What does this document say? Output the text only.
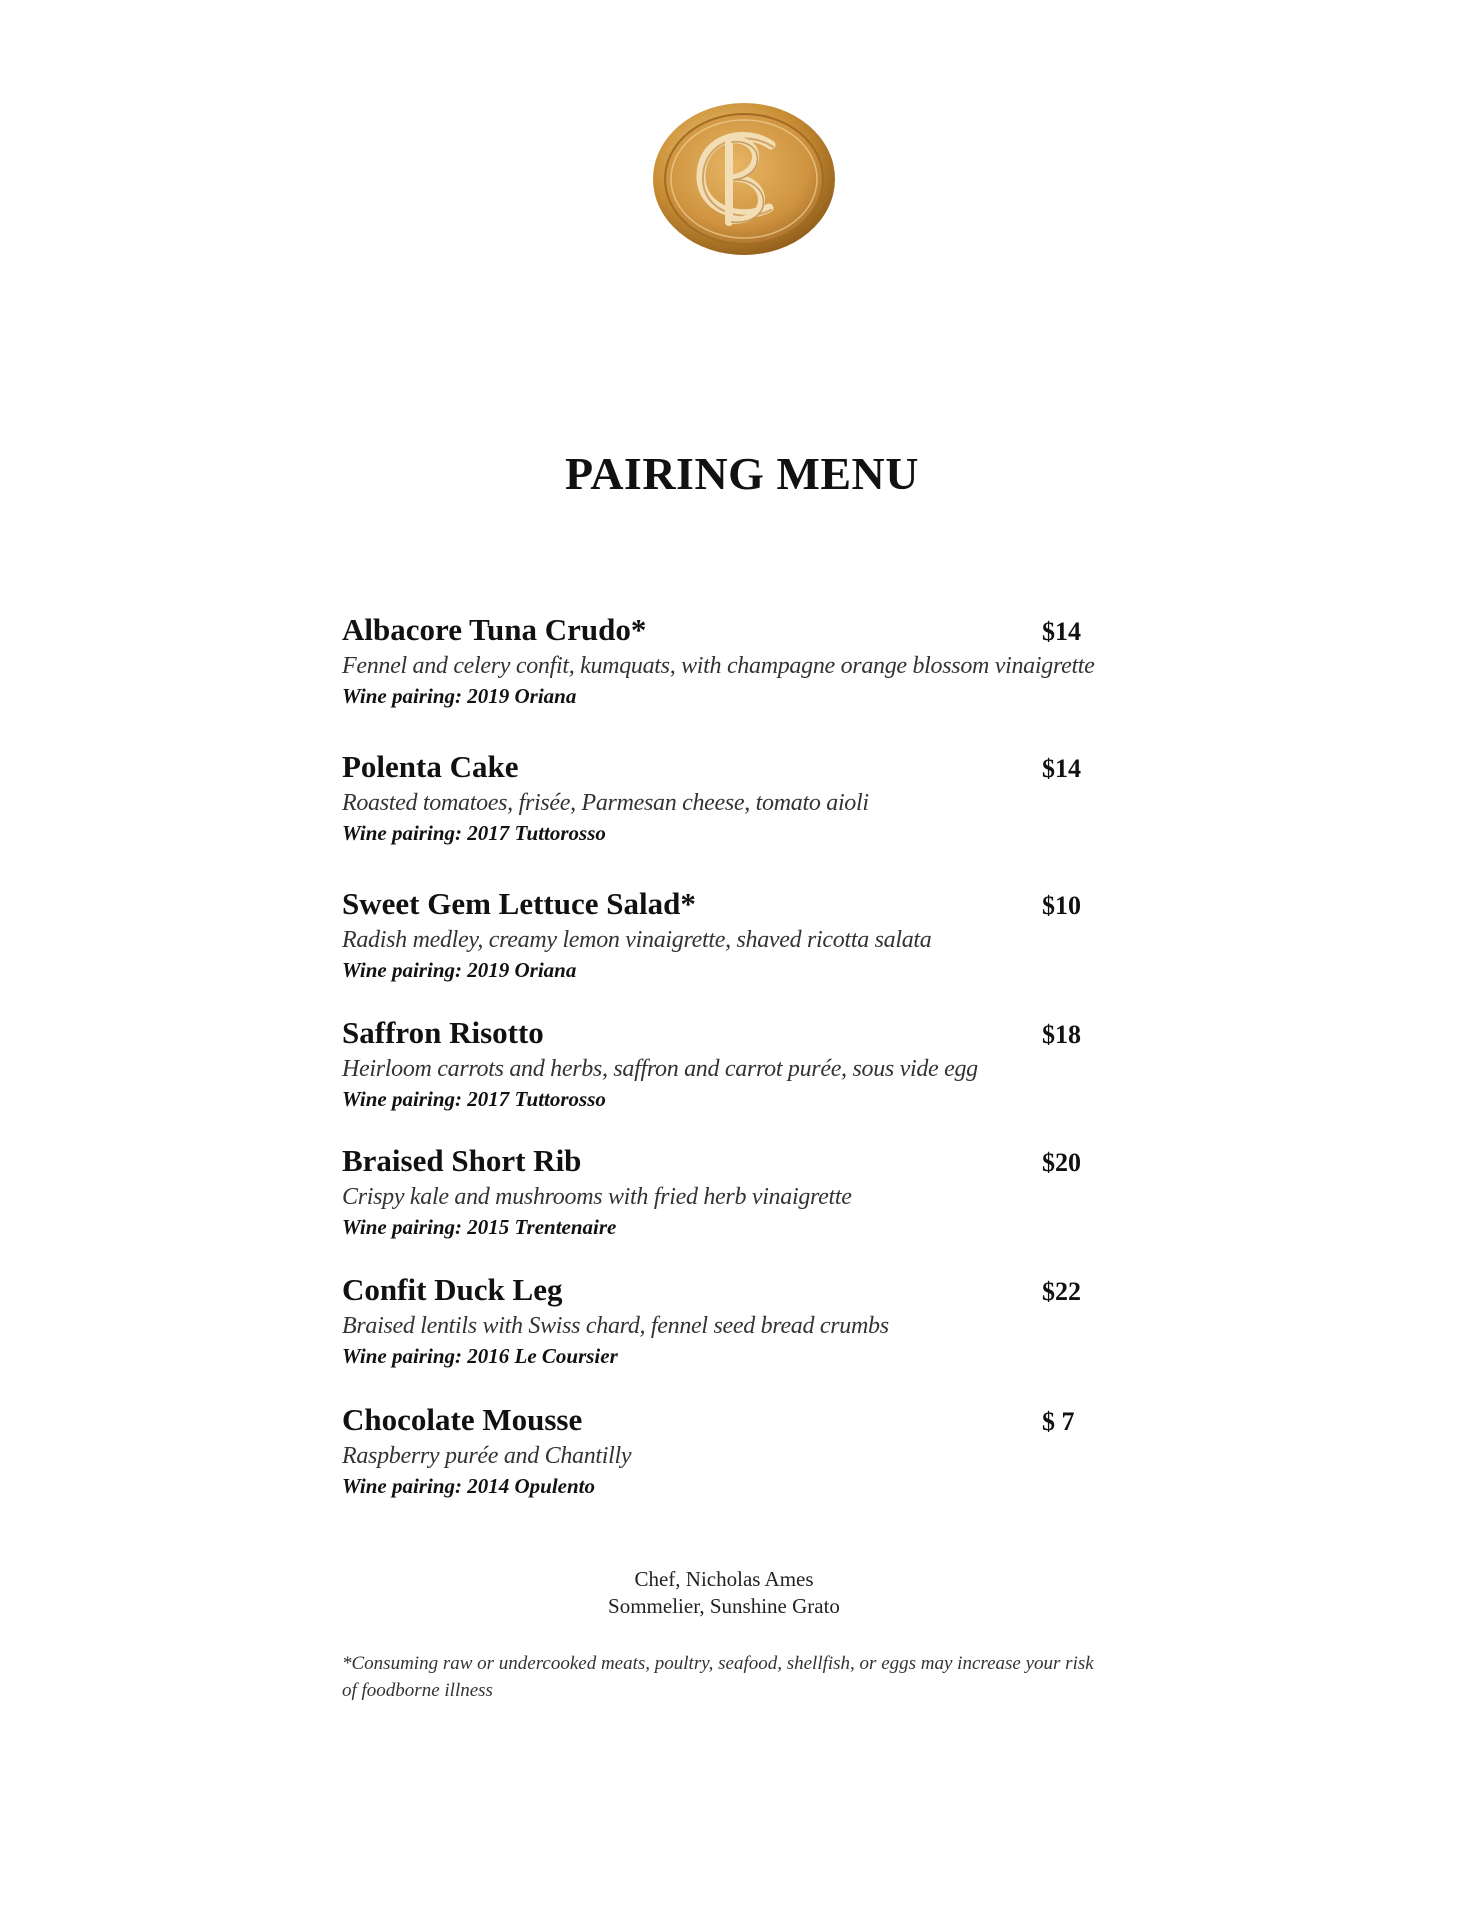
PAIRING MENU
Albacore Tuna Crudo*	$14
Fennel and celery confit, kumquats, with champagne orange blossom vinaigrette
Wine pairing: 2019 Oriana
Polenta Cake	$14
Roasted tomatoes, frisée, Parmesan cheese, tomato aioli
Wine pairing: 2017 Tuttorosso
Sweet Gem Lettuce Salad*	$10
Radish medley, creamy lemon vinaigrette, shaved ricotta salata
Wine pairing: 2019 Oriana
Saffron Risotto	$18
Heirloom carrots and herbs, saffron and carrot purée, sous vide egg
Wine pairing: 2017 Tuttorosso
Braised Short Rib	$20
Crispy kale and mushrooms with fried herb vinaigrette
Wine pairing: 2015 Trentenaire
Confit Duck Leg	$22
Braised lentils with Swiss chard, fennel seed bread crumbs
Wine pairing: 2016 Le Coursier
Chocolate Mousse	$ 7
Raspberry purée and Chantilly
Wine pairing: 2014 Opulento
Chef, Nicholas Ames
Sommelier, Sunshine Grato
*Consuming raw or undercooked meats, poultry, seafood, shellfish, or eggs may increase your risk of foodborne illness
